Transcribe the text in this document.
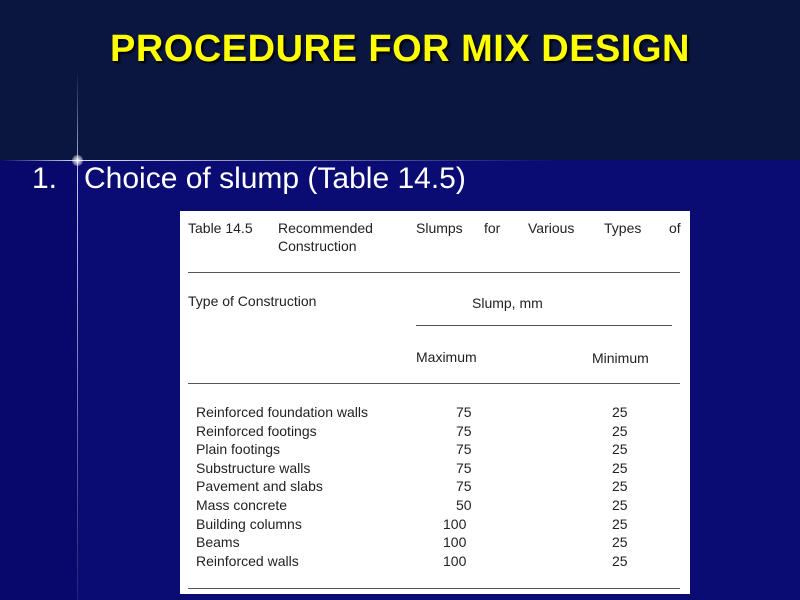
PROCEDURE FOR MIX DESIGN
1. Choice of slump (Table 14.5)
Table 14.5 Recommended	Slumps for Various Types of
Construction
Type of Construction	Slump, mm
Maximum	Minimum
Reinforced foundation walls	75	25
Reinforced footings	75	25
Plain footings	75	25
Substructure walls	75	25
Pavement and slabs	75	25
Mass concrete	50	25
Building columns	100	25
Beams	100	25
Reinforced walls	100	25
